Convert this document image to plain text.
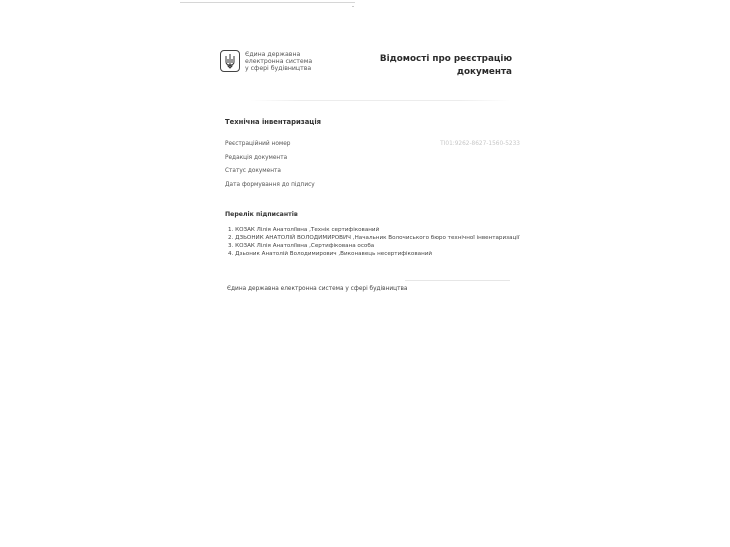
Єдина державна
електронна система
у сфері будівництва
Відомості про реєстрацію
документа
Технічна інвентаризація
Реєстраційний номер	TI01:9262-8627-1560-5233
Редакція документа
Статус документа
Дата формування до підпису
Перелік підписантів
1. КОЗАК Лілія Анатоліївна ,Технік сертифікований
2. ДЗЬОНИК АНАТОЛІЙ ВОЛОДИМИРОВИЧ ,Начальник Волочиського бюро технічної інвентаризації
3. КОЗАК Лілія Анатоліївна ,Сертифікована особа
4. Дзьоник Анатолій Володимирович ,Виконавець несертифікований
Єдина державна електронна система у сфері будівництва
